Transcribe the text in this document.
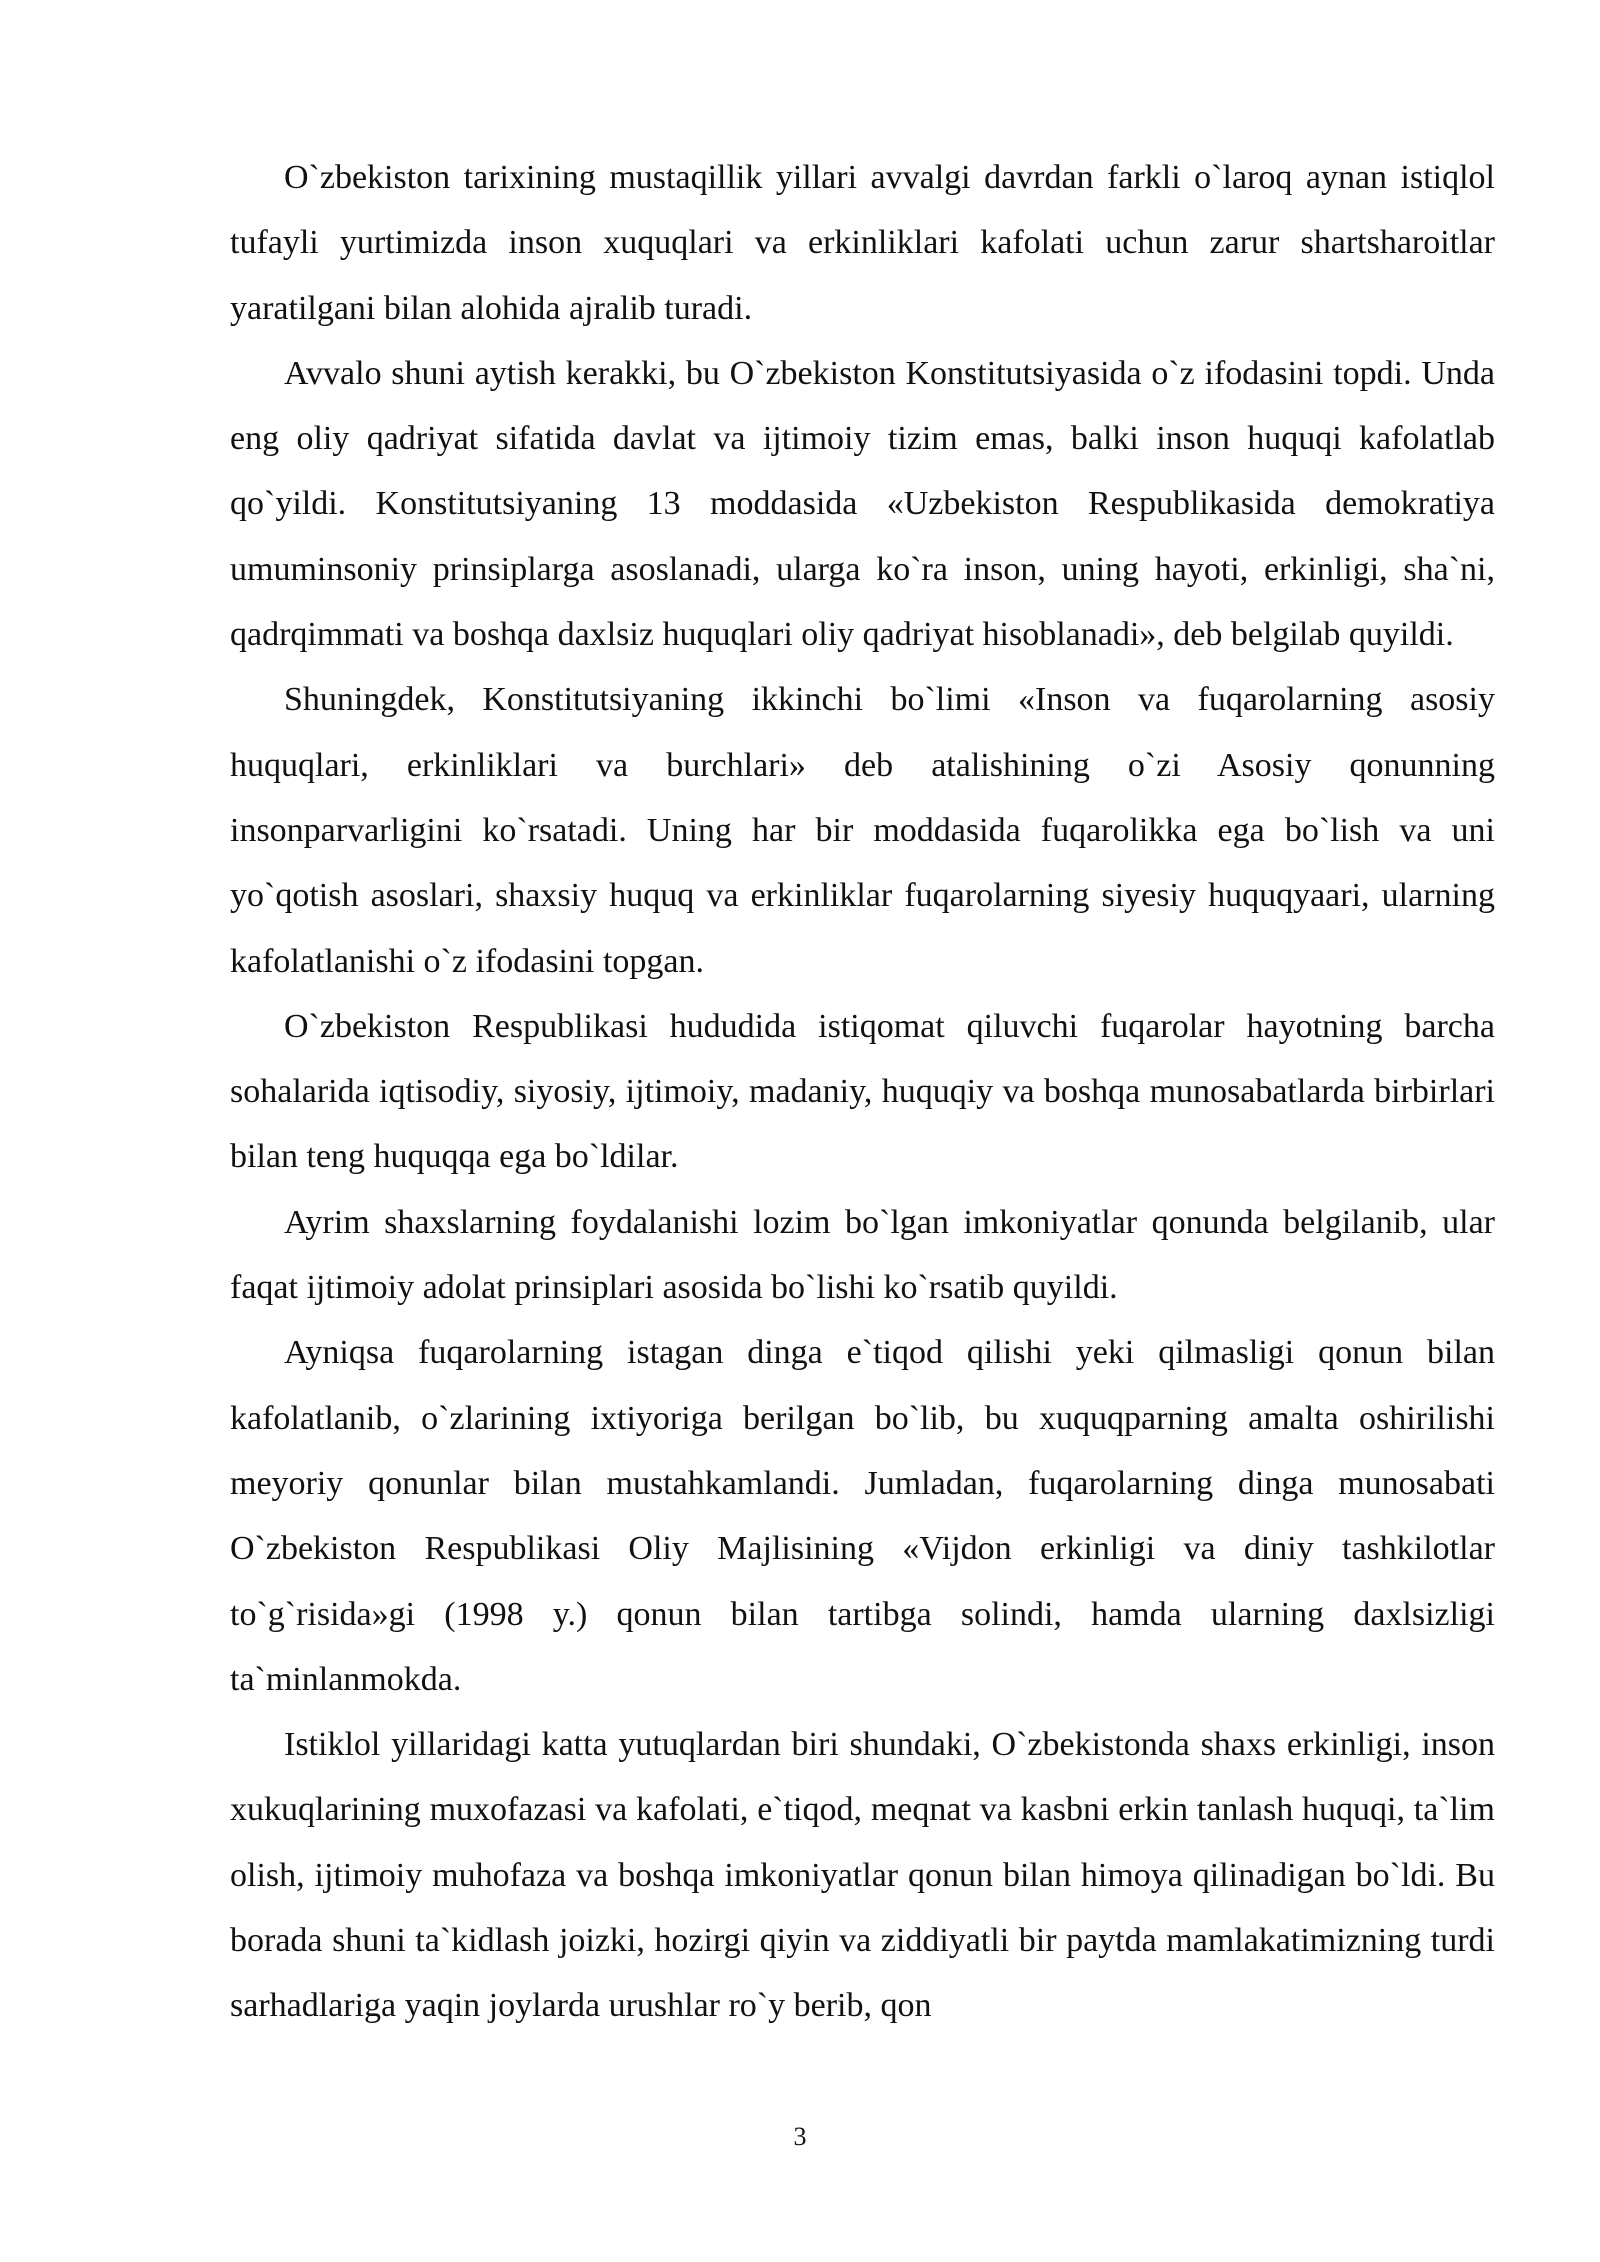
O`zbekiston tarixining mustaqillik yillari avvalgi davrdan farkli o`laroq aynan istiqlol tufayli yurtimizda inson xuquqlari va erkinliklari kafolati uchun zarur shartsharoitlar yaratilgani bilan alohida ajralib turadi.

Avvalo shuni aytish kerakki, bu O`zbekiston Konstitutsiyasida o`z ifodasini topdi. Unda eng oliy qadriyat sifatida davlat va ijtimoiy tizim emas, balki inson huquqi kafolatlab qo`yildi. Konstitutsiyaning 13 moddasida «Uzbekiston Respublikasida demokratiya umuminsoniy prinsiplarga asoslanadi, ularga ko`ra inson, uning hayoti, erkinligi, sha`ni, qadrqimmati va boshqa daxlsiz huquqlari oliy qadriyat hisoblanadi», deb belgilab quyildi.

Shuningdek, Konstitutsiyaning ikkinchi bo`limi «Inson va fuqarolarning asosiy huquqlari, erkinliklari va burchlari» deb atalishining o`zi Asosiy qonunning insonparvarligini ko`rsatadi. Uning har bir moddasida fuqarolikka ega bo`lish va uni yo`qotish asoslari, shaxsiy huquq va erkinliklar fuqarolarning siyesiy huquqyaari, ularning kafolatlanishi o`z ifodasini topgan.

O`zbekiston Respublikasi hududida istiqomat qiluvchi fuqarolar hayotning barcha sohalarida iqtisodiy, siyosiy, ijtimoiy, madaniy, huquqiy va boshqa munosabatlarda birbirlari bilan teng huquqqa ega bo`ldilar.

Ayrim shaxslarning foydalanishi lozim bo`lgan imkoniyatlar qonunda belgilanib, ular faqat ijtimoiy adolat prinsiplari asosida bo`lishi ko`rsatib quyildi.

Ayniqsa fuqarolarning istagan dinga e`tiqod qilishi yeki qilmasligi qonun bilan kafolatlanib, o`zlarining ixtiyoriga berilgan bo`lib, bu xuquqparning amalta oshirilishi meyoriy qonunlar bilan mustahkamlandi. Jumladan, fuqarolarning dinga munosabati O`zbekiston Respublikasi Oliy Majlisining «Vijdon erkinligi va diniy tashkilotlar to`g`risida»gi (1998 y.) qonun bilan tartibga solindi, hamda ularning daxlsizligi ta`minlanmokda.

Istiklol yillaridagi katta yutuqlardan biri shundaki, O`zbekistonda shaxs erkinligi, inson xukuqlarining muxofazasi va kafolati, e`tiqod, meqnat va kasbni erkin tanlash huquqi, ta`lim olish, ijtimoiy muhofaza va boshqa imkoniyatlar qonun bilan himoya qilinadigan bo`ldi. Bu borada shuni ta`kidlash joizki, hozirgi qiyin va ziddiyatli bir paytda mamlakatimizning turdi sarhadlariga yaqin joylarda urushlar ro`y berib, qon

3
